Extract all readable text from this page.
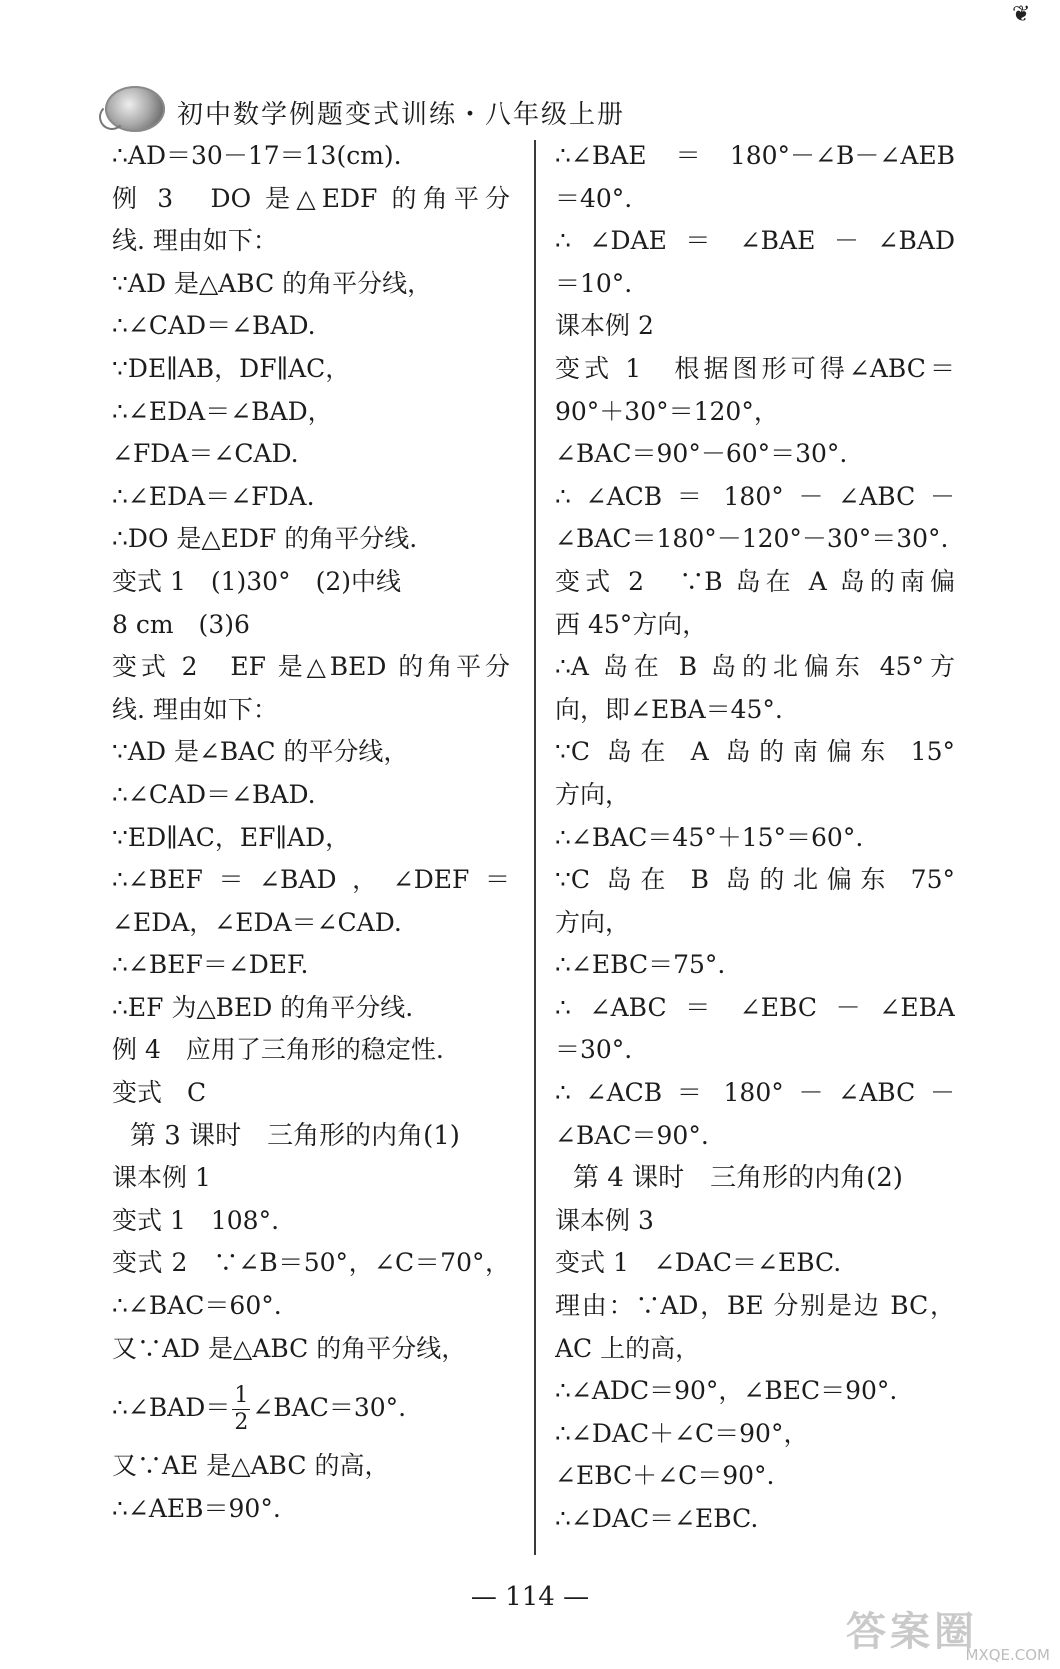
❦
初中数学例题变式训练・八年级上册
∴AD＝30－17＝13(cm).
例 3　DO 是△EDF 的角平分
线. 理由如下：
∵AD 是△ABC 的角平分线，
∴∠CAD＝∠BAD.
∵DE∥AB，DF∥AC，
∴∠EDA＝∠BAD，
∠FDA＝∠CAD.
∴∠EDA＝∠FDA.
∴DO 是△EDF 的角平分线.
变式 1　(1)30°　(2)中线
8 cm　(3)6
变式 2　EF 是△BED 的角平分
线. 理由如下：
∵AD 是∠BAC 的平分线，
∴∠CAD＝∠BAD.
∵ED∥AC，EF∥AD，
∴∠BEF＝∠BAD，∠DEF＝
∠EDA，∠EDA＝∠CAD.
∴∠BEF＝∠DEF.
∴EF 为△BED 的角平分线.
例 4　应用了三角形的稳定性.
变式　C
第 3 课时　三角形的内角(1)
课本例 1
变式 1　108°.
变式 2　∵∠B＝50°，∠C＝70°，
∴∠BAC＝60°.
又∵AD 是△ABC 的角平分线，
∴∠BAD＝ $\frac{1}{2}$ ∠BAC＝30°.
又∵AE 是△ABC 的高，
∴∠AEB＝90°.
∴∠BAE＝180°－∠B－∠AEB
＝40°.
∴ ∠DAE ＝ ∠BAE － ∠BAD
＝10°.
课本例 2
变式 1　根据图形可得∠ABC＝
90°＋30°＝120°，
∠BAC＝90°－60°＝30°.
∴ ∠ACB ＝ 180° － ∠ABC －
∠BAC＝180°－120°－30°＝30°.
变式 2　∵B 岛在 A 岛的南偏
西 45°方向，
∴A 岛在 B 岛的北偏东 45°方
向，即∠EBA＝45°.
∵C 岛在 A 岛的南偏东 15°
方向，
∴∠BAC＝45°＋15°＝60°.
∵C 岛在 B 岛的北偏东 75°
方向，
∴∠EBC＝75°.
∴ ∠ABC ＝ ∠EBC － ∠EBA
＝30°.
∴ ∠ACB ＝ 180° － ∠ABC －
∠BAC＝90°.
第 4 课时　三角形的内角(2)
课本例 3
变式 1　∠DAC＝∠EBC.
理由：∵AD，BE 分别是边 BC，
AC 上的高，
∴∠ADC＝90°，∠BEC＝90°.
∴∠DAC＋∠C＝90°，
∠EBC＋∠C＝90°.
∴∠DAC＝∠EBC.
— 114 —
答案圈
MXQE.COM
